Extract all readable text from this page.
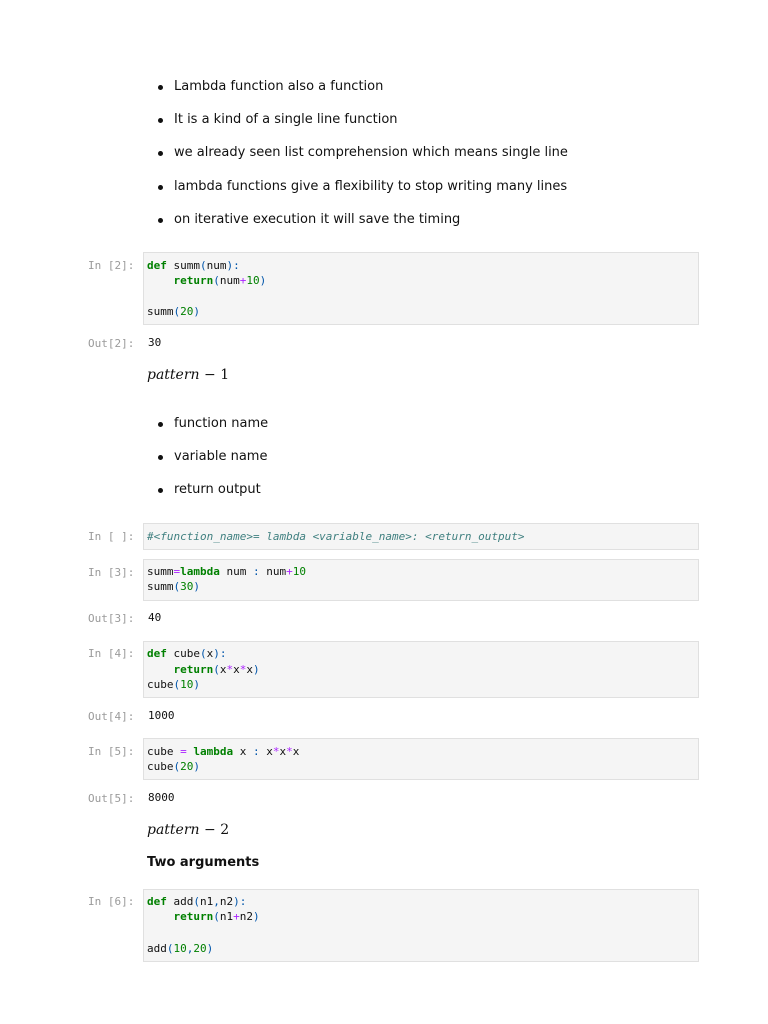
Lambda function also a function
It is a kind of a single line function
we already seen list comprehension which means single line
lambda functions give a flexibility to stop writing many lines
on iterative execution it will save the timing
In [2]: def summ(num):
return(num+10)
summ(20)
Out[2]: 30
pattern − 1
function name
variable name
return output
In [ ]: #<function_name>= lambda <variable_name>: <return_output>
In [3]: summ=lambda num : num+10
summ(30)
Out[3]: 40
In [4]: def cube(x):
return(x*x*x)
cube(10)
Out[4]: 1000
In [5]: cube = lambda x : x*x*x
cube(20)
Out[5]: 8000
pattern − 2
Two arguments
In [6]: def add(n1,n2):
return(n1+n2)
add(10,20)
